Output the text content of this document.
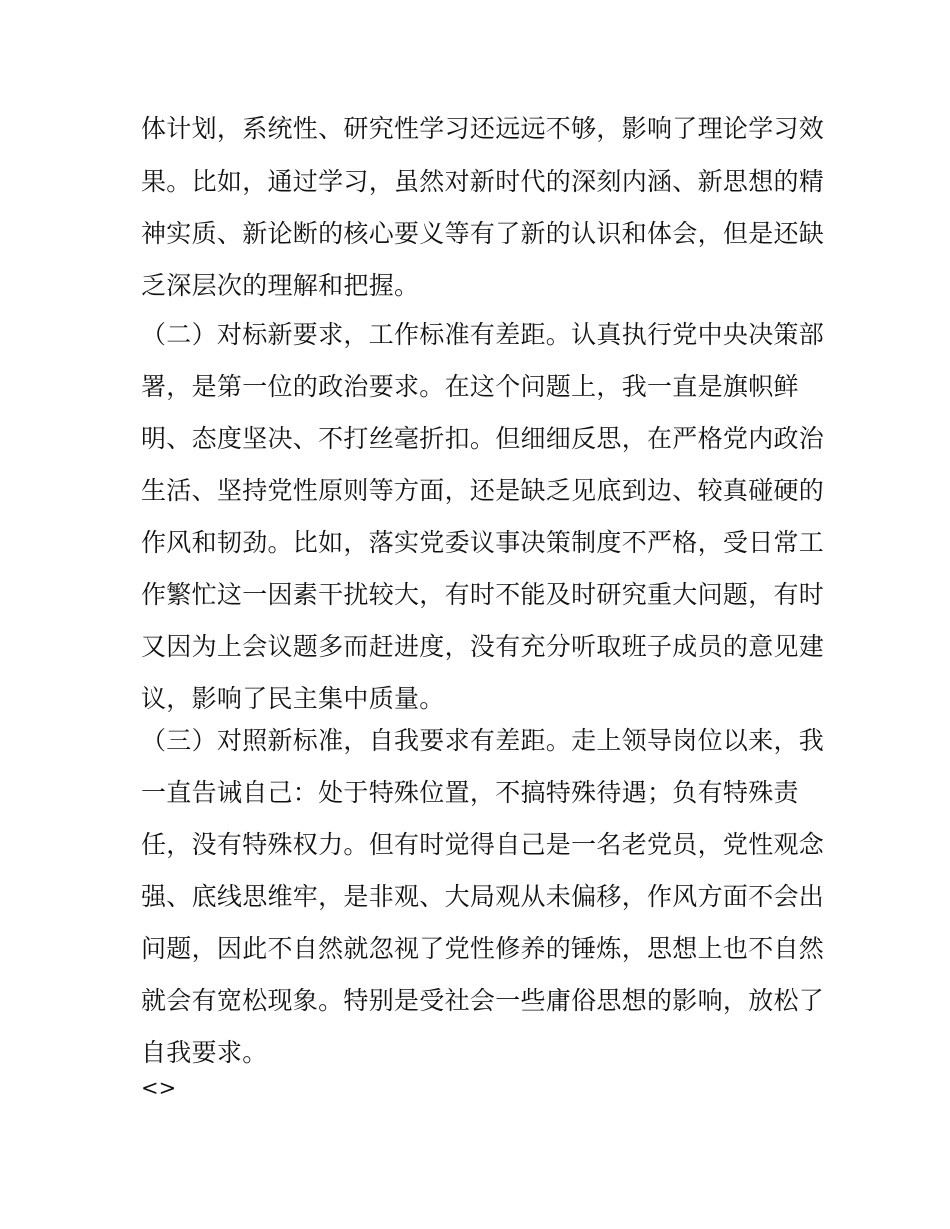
体计划，系统性、研究性学习还远远不够，影响了理论学习效
果。比如，通过学习，虽然对新时代的深刻内涵、新思想的精
神实质、新论断的核心要义等有了新的认识和体会，但是还缺
乏深层次的理解和把握。
（二）对标新要求，工作标准有差距。认真执行党中央决策部
署，是第一位的政治要求。在这个问题上，我一直是旗帜鲜
明、态度坚决、不打丝毫折扣。但细细反思，在严格党内政治
生活、坚持党性原则等方面，还是缺乏见底到边、较真碰硬的
作风和韧劲。比如，落实党委议事决策制度不严格，受日常工
作繁忙这一因素干扰较大，有时不能及时研究重大问题，有时
又因为上会议题多而赶进度，没有充分听取班子成员的意见建
议，影响了民主集中质量。
（三）对照新标准，自我要求有差距。走上领导岗位以来，我
一直告诫自己：处于特殊位置，不搞特殊待遇；负有特殊责
任，没有特殊权力。但有时觉得自己是一名老党员，党性观念
强、底线思维牢，是非观、大局观从未偏移，作风方面不会出
问题，因此不自然就忽视了党性修养的锤炼，思想上也不自然
就会有宽松现象。特别是受社会一些庸俗思想的影响，放松了
自我要求。
<>
